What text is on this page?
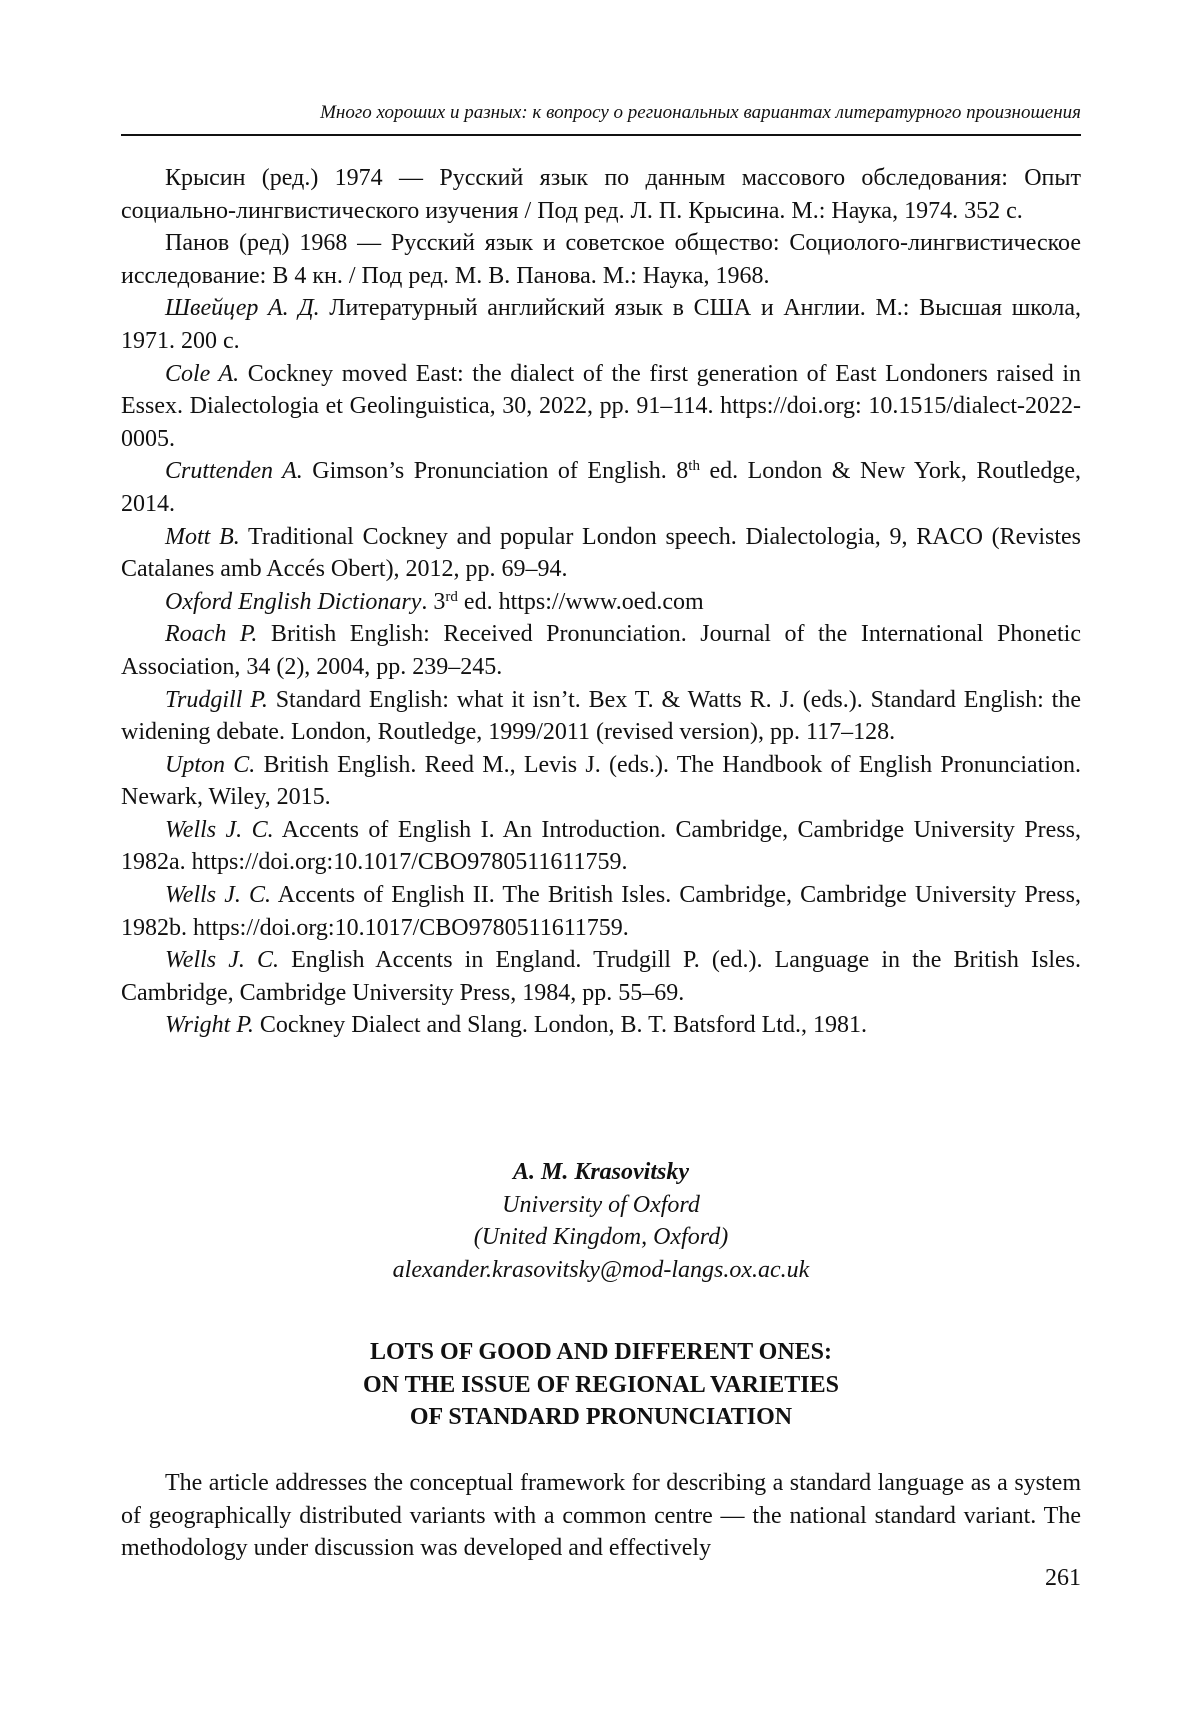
Много хороших и разных: к вопросу о региональных вариантах литературного произношения

Крысин (ред.) 1974 — Русский язык по данным массового обследования: Опыт социально-лингвистического изучения / Под ред. Л. П. Крысина. М.: Наука, 1974. 352 с.

Панов (ред) 1968 — Русский язык и советское общество: Социолого-лингвистическое исследование: В 4 кн. / Под ред. М. В. Панова. М.: Наука, 1968.

Швейцер А. Д. Литературный английский язык в США и Англии. М.: Высшая школа, 1971. 200 с.

Cole A. Cockney moved East: the dialect of the first generation of East Londoners raised in Essex. Dialectologia et Geolinguistica, 30, 2022, pp. 91–114. https://doi.org: 10.1515/dialect-2022-0005.

Cruttenden A. Gimson’s Pronunciation of English. 8th ed. London & New York, Routledge, 2014.

Mott B. Traditional Cockney and popular London speech. Dialectologia, 9, RACO (Revistes Catalanes amb Accés Obert), 2012, pp. 69–94.

Oxford English Dictionary. 3rd ed. https://www.oed.com

Roach P. British English: Received Pronunciation. Journal of the International Phonetic Association, 34 (2), 2004, pp. 239–245.

Trudgill P. Standard English: what it isn’t. Bex T. & Watts R. J. (eds.). Standard English: the widening debate. London, Routledge, 1999/2011 (revised version), pp. 117–128.

Upton C. British English. Reed M., Levis J. (eds.). The Handbook of English Pronunciation. Newark, Wiley, 2015.

Wells J. C. Accents of English I. An Introduction. Cambridge, Cambridge University Press, 1982a. https://doi.org:10.1017/CBO9780511611759.

Wells J. C. Accents of English II. The British Isles. Cambridge, Cambridge University Press, 1982b. https://doi.org:10.1017/CBO9780511611759.

Wells J. C. English Accents in England. Trudgill P. (ed.). Language in the British Isles. Cambridge, Cambridge University Press, 1984, pp. 55–69.

Wright P. Cockney Dialect and Slang. London, B. T. Batsford Ltd., 1981.

A. M. Krasovitsky
University of Oxford
(United Kingdom, Oxford)
alexander.krasovitsky@mod-langs.ox.ac.uk
LOTS OF GOOD AND DIFFERENT ONES:
ON THE ISSUE OF REGIONAL VARIETIES
OF STANDARD PRONUNCIATION

The article addresses the conceptual framework for describing a standard language as a system of geographically distributed variants with a common centre — the national standard variant. The methodology under discussion was developed and effectively

261
